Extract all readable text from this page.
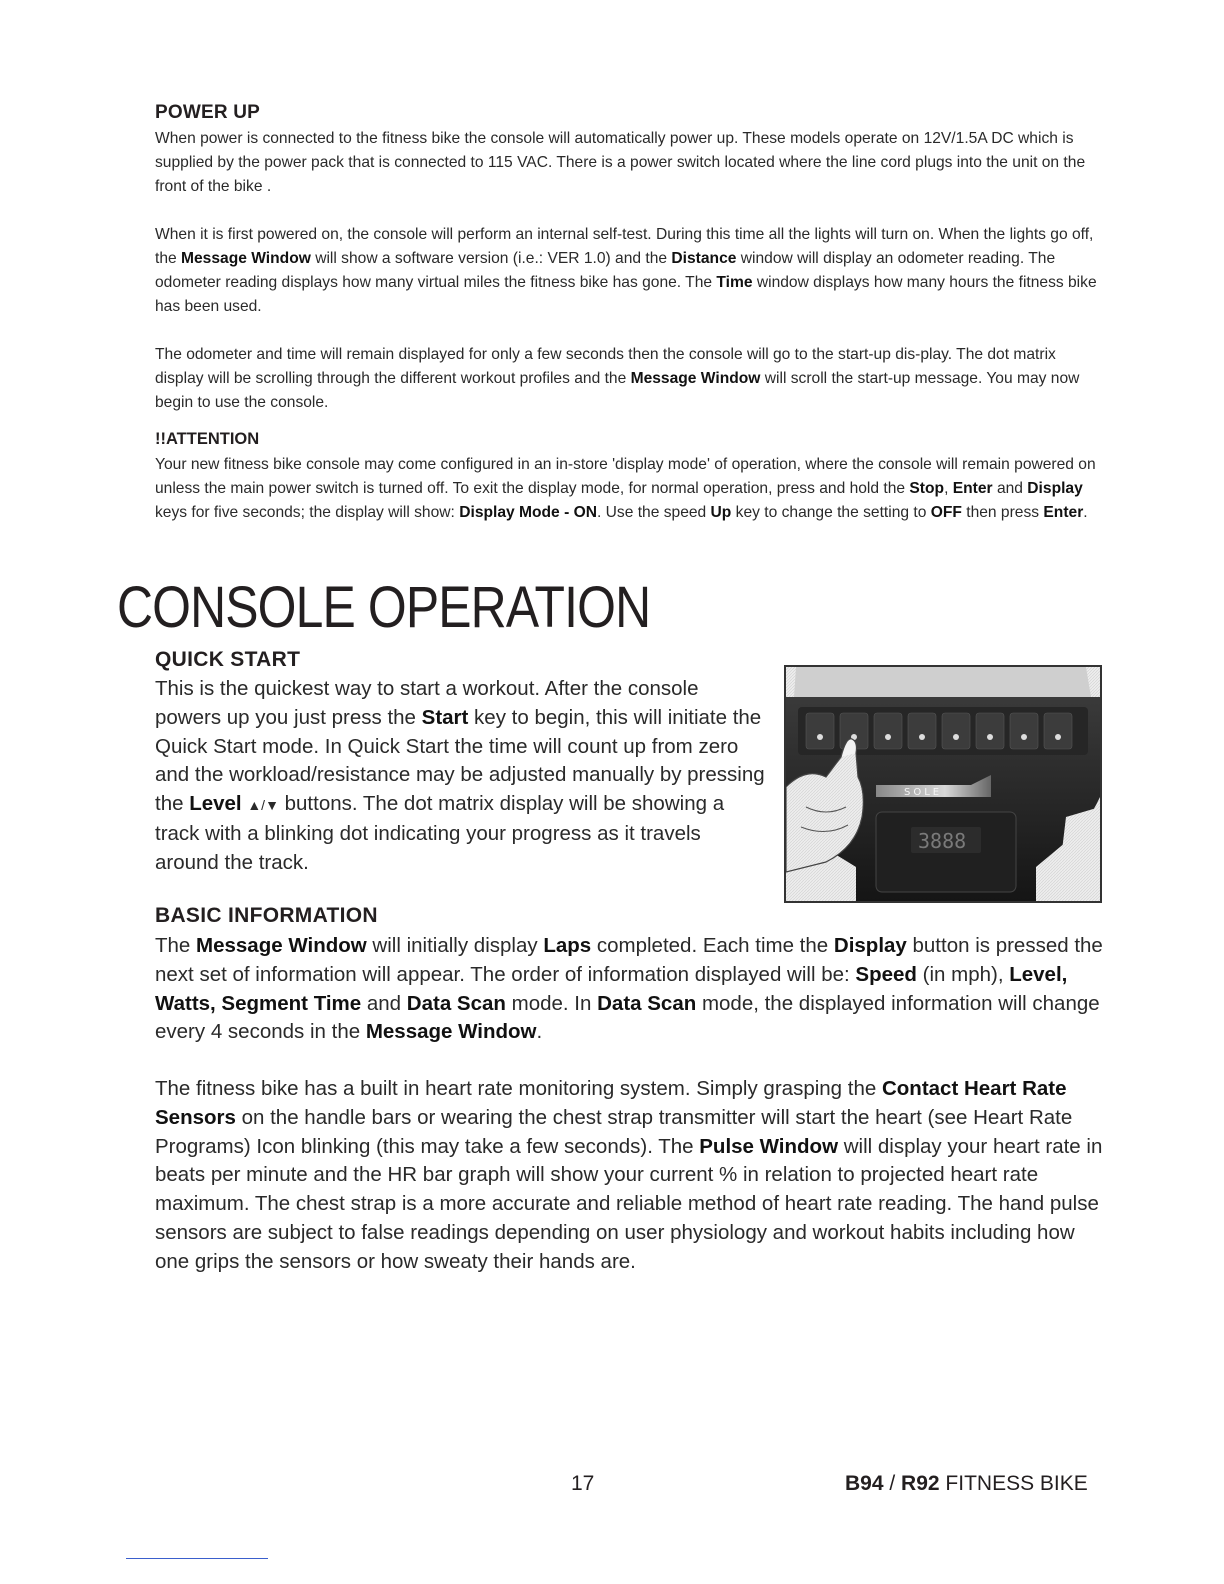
POWER UP
When power is connected to the fitness bike the console will automatically power up. These models operate on 12V/1.5A DC which is supplied by the power pack that is connected to 115 VAC. There is a power switch located where the line cord plugs into the unit on the front of the bike .
When it is first powered on, the console will perform an internal self-test. During this time all the lights will turn on. When the lights go off, the Message Window will show a software version (i.e.: VER 1.0) and the Distance window will display an odometer reading. The odometer reading displays how many virtual miles the fitness bike has gone. The Time window displays how many hours the fitness bike has been used.
The odometer and time will remain displayed for only a few seconds then the console will go to the start-up dis-play. The dot matrix display will be scrolling through the different workout profiles and the Message Window will scroll the start-up message. You may now begin to use the console.
!!ATTENTION
Your new fitness bike console may come configured in an in-store 'display mode' of operation, where the console will remain powered on unless the main power switch is turned off. To exit the display mode, for normal operation, press and hold the Stop, Enter and Display keys for five seconds; the display will show: Display Mode - ON. Use the speed Up key to change the setting to OFF then press Enter.
CONSOLE OPERATION
QUICK START
This is the quickest way to start a workout. After the console powers up you just press the Start key to begin, this will initiate the Quick Start mode. In Quick Start the time will count up from zero and the workload/resistance may be adjusted manually by pressing the Level ▲/▼ buttons. The dot matrix display will be showing a track with a blinking dot indicating your progress as it travels around the track.
SOLE
3888
BASIC INFORMATION
The Message Window will initially display Laps completed. Each time the Display button is pressed the next set of information will appear. The order of information displayed will be: Speed (in mph), Level, Watts, Segment Time and Data Scan mode. In Data Scan mode, the displayed information will change every 4 seconds in the Message Window.
The fitness bike has a built in heart rate monitoring system. Simply grasping the Contact Heart Rate Sensors on the handle bars or wearing the chest strap transmitter will start the heart (see Heart Rate Programs) Icon blinking (this may take a few seconds). The Pulse Window will display your heart rate in beats per minute and the HR bar graph will show your current % in relation to projected heart rate maximum. The chest strap is a more accurate and reliable method of heart rate reading. The hand pulse sensors are subject to false readings depending on user physiology and workout habits including how one grips the sensors or how sweaty their hands are.
17	B94 / R92 FITNESS BIKE
